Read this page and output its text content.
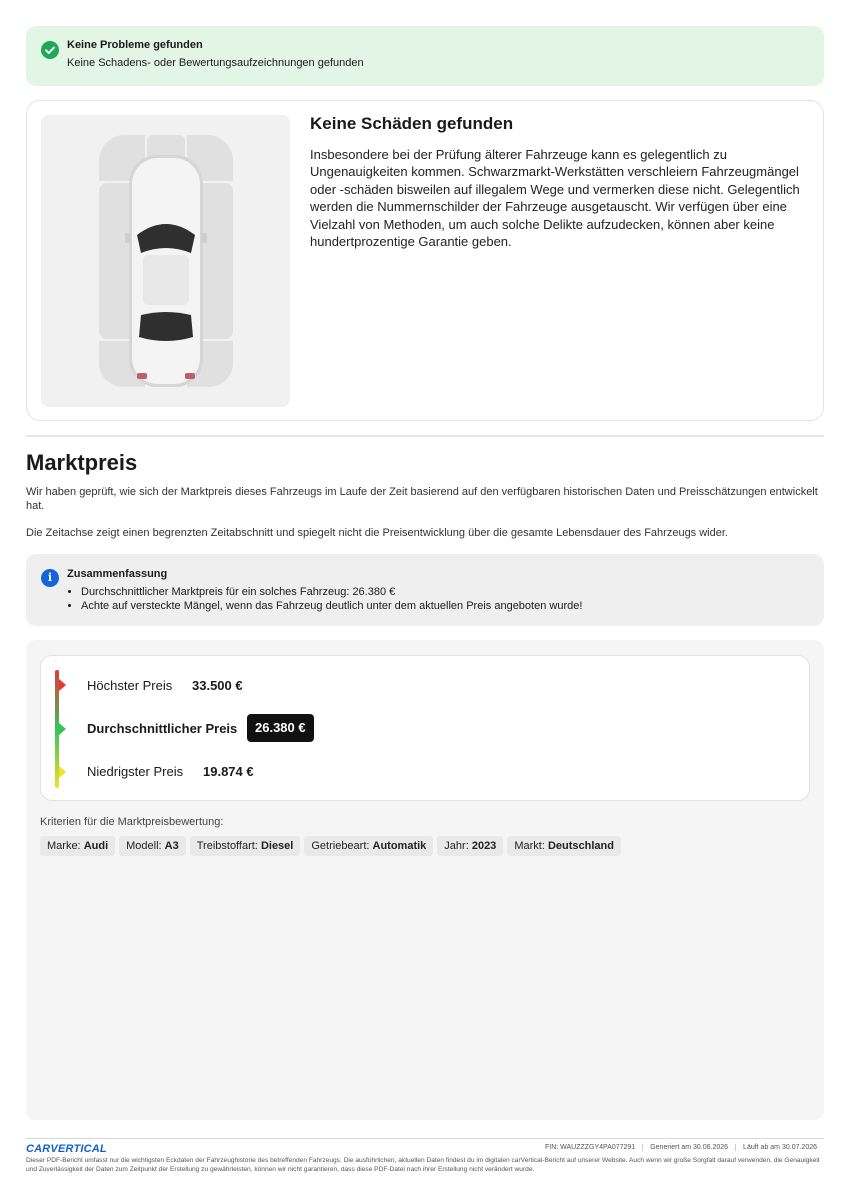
Keine Probleme gefunden
Keine Schadens- oder Bewertungsaufzeichnungen gefunden
Keine Schäden gefunden
Insbesondere bei der Prüfung älterer Fahrzeuge kann es gelegentlich zu Ungenauigkeiten kommen. Schwarzmarkt-Werkstätten verschleiern Fahrzeugmängel oder -schäden bisweilen auf illegalem Wege und vermerken diese nicht. Gelegentlich werden die Nummernschilder der Fahrzeuge ausgetauscht. Wir verfügen über eine Vielzahl von Methoden, um auch solche Delikte aufzudecken, können aber keine hundertprozentige Garantie geben.
Marktpreis
Wir haben geprüft, wie sich der Marktpreis dieses Fahrzeugs im Laufe der Zeit basierend auf den verfügbaren historischen Daten und Preisschätzungen entwickelt hat.
Die Zeitachse zeigt einen begrenzten Zeitabschnitt und spiegelt nicht die Preisentwicklung über die gesamte Lebensdauer des Fahrzeugs wider.
i	Zusammenfassung
• Durchschnittlicher Marktpreis für ein solches Fahrzeug: 26.380 €
• Achte auf versteckte Mängel, wenn das Fahrzeug deutlich unter dem aktuellen Preis angeboten wurde!
Höchster Preis 33.500 €
Durchschnittlicher Preis	26.380 €
Niedrigster Preis 19.874 €
Kriterien für die Marktpreisbewertung:
Marke: Audi	Modell: A3	Treibstoffart: Diesel	Getriebeart: Automatik	Jahr: 2023	Markt: Deutschland
CARVERTICAL	FIN: WAUZZZGY4PA077291	Generiert am 30.06.2026	Läuft ab am 30.07.2026
Dieser PDF-Bericht umfasst nur die wichtigsten Eckdaten der Fahrzeughistorie des betreffenden Fahrzeugs. Die ausführlichen, aktuellen Daten findest du im digitalen carVertical-Bericht auf unserer Website. Auch wenn wir große Sorgfalt darauf verwenden, die Genauigkeit und Zuverlässigkeit der Daten zum Zeitpunkt der Erstellung zu gewährleisten, können wir nicht garantieren, dass diese PDF-Datei nach ihrer Erstellung nicht verändert wurde.
